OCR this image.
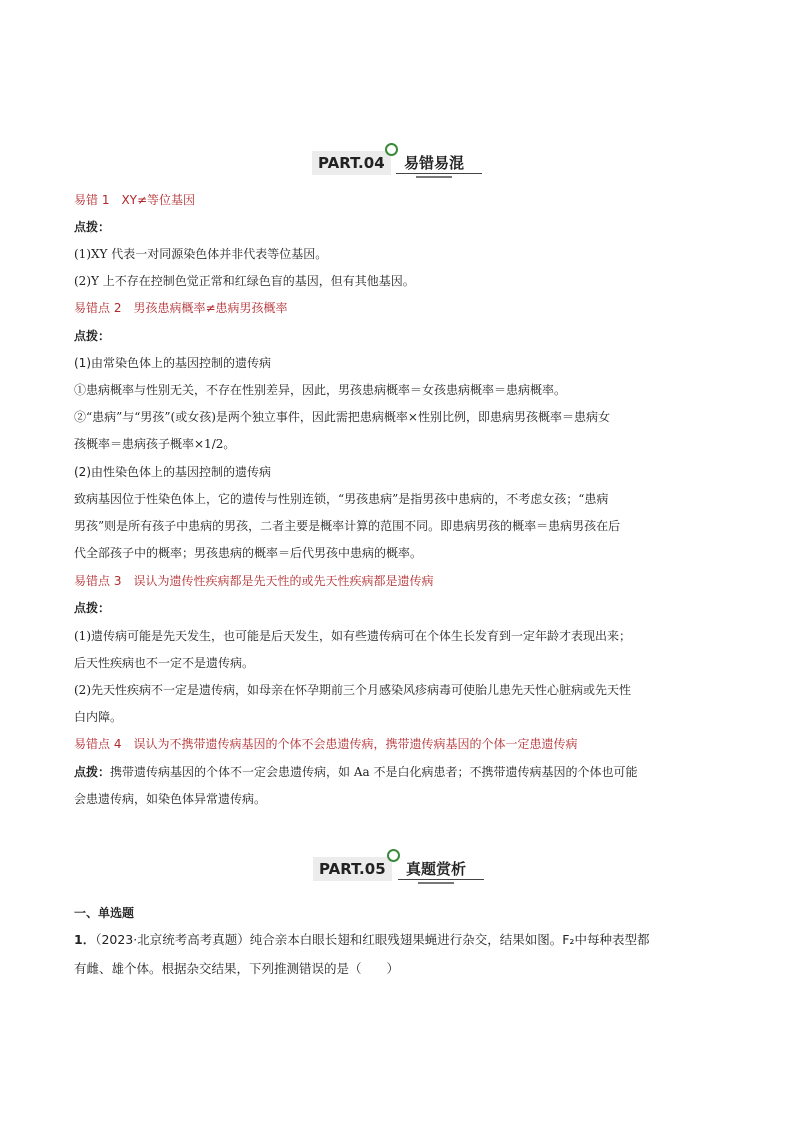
PART.04	易错易混
易错 1　XY≠等位基因
点拨：
(1)XY 代表一对同源染色体并非代表等位基因。
(2)Y 上不存在控制色觉正常和红绿色盲的基因，但有其他基因。
易错点 2　男孩患病概率≠患病男孩概率
点拨：
(1)由常染色体上的基因控制的遗传病
①患病概率与性别无关，不存在性别差异，因此，男孩患病概率＝女孩患病概率＝患病概率。
②“患病”与“男孩”(或女孩)是两个独立事件，因此需把患病概率×性别比例，即患病男孩概率＝患病女
孩概率＝患病孩子概率×1/2。
(2)由性染色体上的基因控制的遗传病
致病基因位于性染色体上，它的遗传与性别连锁，“男孩患病”是指男孩中患病的，不考虑女孩；“患病
男孩”则是所有孩子中患病的男孩，二者主要是概率计算的范围不同。即患病男孩的概率＝患病男孩在后
代全部孩子中的概率；男孩患病的概率＝后代男孩中患病的概率。
易错点 3　误认为遗传性疾病都是先天性的或先天性疾病都是遗传病
点拨：
(1)遗传病可能是先天发生，也可能是后天发生，如有些遗传病可在个体生长发育到一定年龄才表现出来；
后天性疾病也不一定不是遗传病。
(2)先天性疾病不一定是遗传病，如母亲在怀孕期前三个月感染风疹病毒可使胎儿患先天性心脏病或先天性
白内障。
易错点 4　误认为不携带遗传病基因的个体不会患遗传病，携带遗传病基因的个体一定患遗传病
点拨：携带遗传病基因的个体不一定会患遗传病，如 Aa 不是白化病患者；不携带遗传病基因的个体也可能
会患遗传病，如染色体异常遗传病。
PART.05	真题赏析
一、单选题
1．（2023·北京统考高考真题）纯合亲本白眼长翅和红眼残翅果蝇进行杂交，结果如图。F₂中每种表型都
有雌、雄个体。根据杂交结果，下列推测错误的是（　　）
